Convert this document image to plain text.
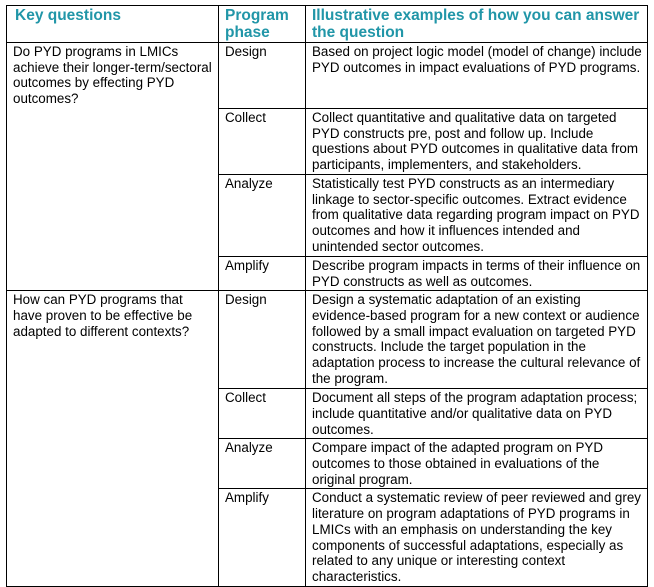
Key questions	Program phase	Illustrative examples of how you can answer the question
Do PYD programs in LMICs achieve their longer-term/sectoral outcomes by effecting PYD outcomes?	Design	Based on project logic model (model of change) include PYD outcomes in impact evaluations of PYD programs.
	Collect	Collect quantitative and qualitative data on targeted PYD constructs pre, post and follow up. Include questions about PYD outcomes in qualitative data from participants, implementers, and stakeholders.
	Analyze	Statistically test PYD constructs as an intermediary linkage to sector-specific outcomes. Extract evidence from qualitative data regarding program impact on PYD outcomes and how it influences intended and unintended sector outcomes.
	Amplify	Describe program impacts in terms of their influence on PYD constructs as well as outcomes.
How can PYD programs that have proven to be effective be adapted to different contexts?	Design	Design a systematic adaptation of an existing evidence-based program for a new context or audience followed by a small impact evaluation on targeted PYD constructs. Include the target population in the adaptation process to increase the cultural relevance of the program.
	Collect	Document all steps of the program adaptation process; include quantitative and/or qualitative data on PYD outcomes.
	Analyze	Compare impact of the adapted program on PYD outcomes to those obtained in evaluations of the original program.
	Amplify	Conduct a systematic review of peer reviewed and grey literature on program adaptations of PYD programs in LMICs with an emphasis on understanding the key components of successful adaptations, especially as related to any unique or interesting context characteristics.
